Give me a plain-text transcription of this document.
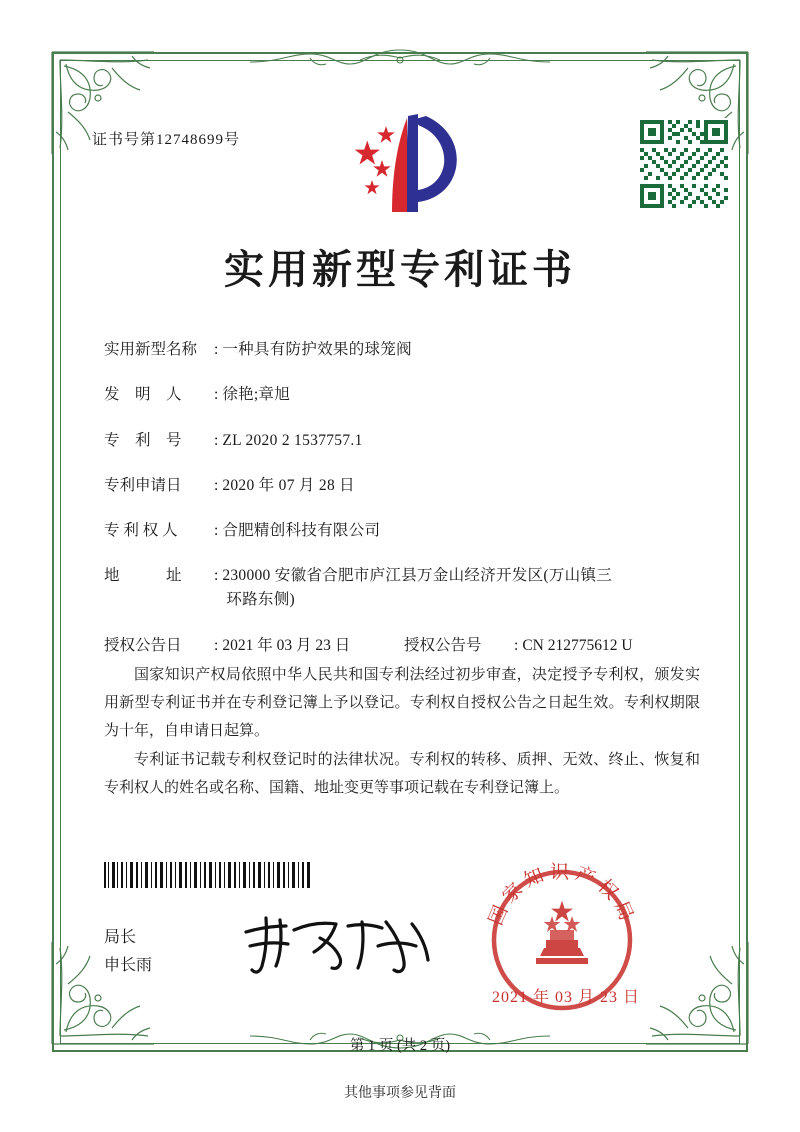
证书号第12748699号
实用新型专利证书
实用新型名称	: 一种具有防护效果的球笼阀
发　明　人	: 徐艳;章旭
专　利　号	: ZL 2020 2 1537757.1
专利申请日	: 2020 年 07 月 28 日
专 利 权 人	: 合肥精创科技有限公司
地　　　址	: 230000 安徽省合肥市庐江县万金山经济开发区(万山镇三
环路东侧)
授权公告日	: 2021 年 03 月 23 日	授权公告号	: CN 212775612 U

国家知识产权局依照中华人民共和国专利法经过初步审查，决定授予专利权，颁发实用新型专利证书并在专利登记簿上予以登记。专利权自授权公告之日起生效。专利权期限为十年，自申请日起算。

专利证书记载专利权登记时的法律状况。专利权的转移、质押、无效、终止、恢复和专利权人的姓名或名称、国籍、地址变更等事项记载在专利登记簿上。

局长
申长雨
国家知识产权局
2021 年 03 月 23 日
第 1 页 (共 2 页)
其他事项参见背面
